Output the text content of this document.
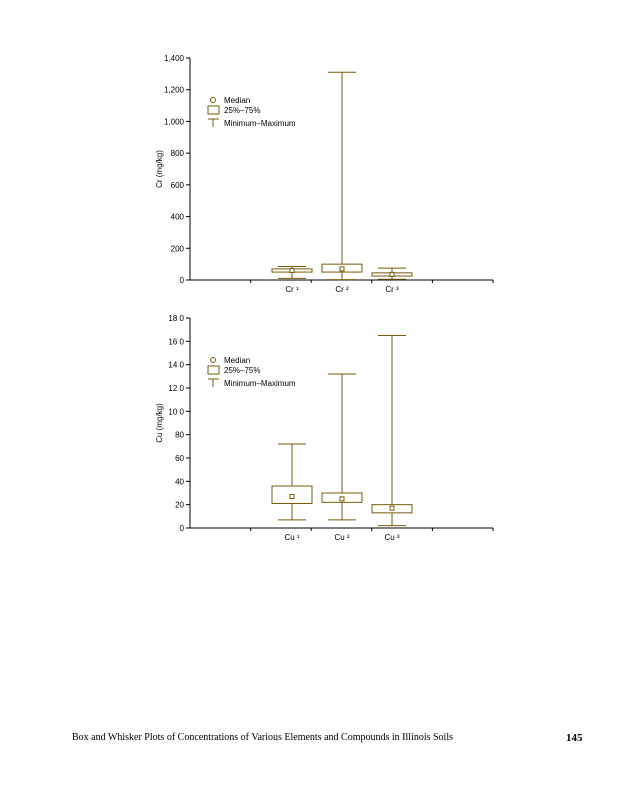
0
200
400
600
800
1,000
1,200
1,400
Cr (mg/kg)
Cr ¹	Cr ²	Cr ³
Median
25%–75%
Minimum–Maximum
0
20
40
60
80
10 0
12 0
14 0
16 0
18 0
Cu (mg/kg)
Cu ¹	Cu ²	Cu ³
Median
25%–75%
Minimum–Maximum
Box and Whisker Plots of Concentrations of Various Elements and Compounds in Illinois Soils	145
